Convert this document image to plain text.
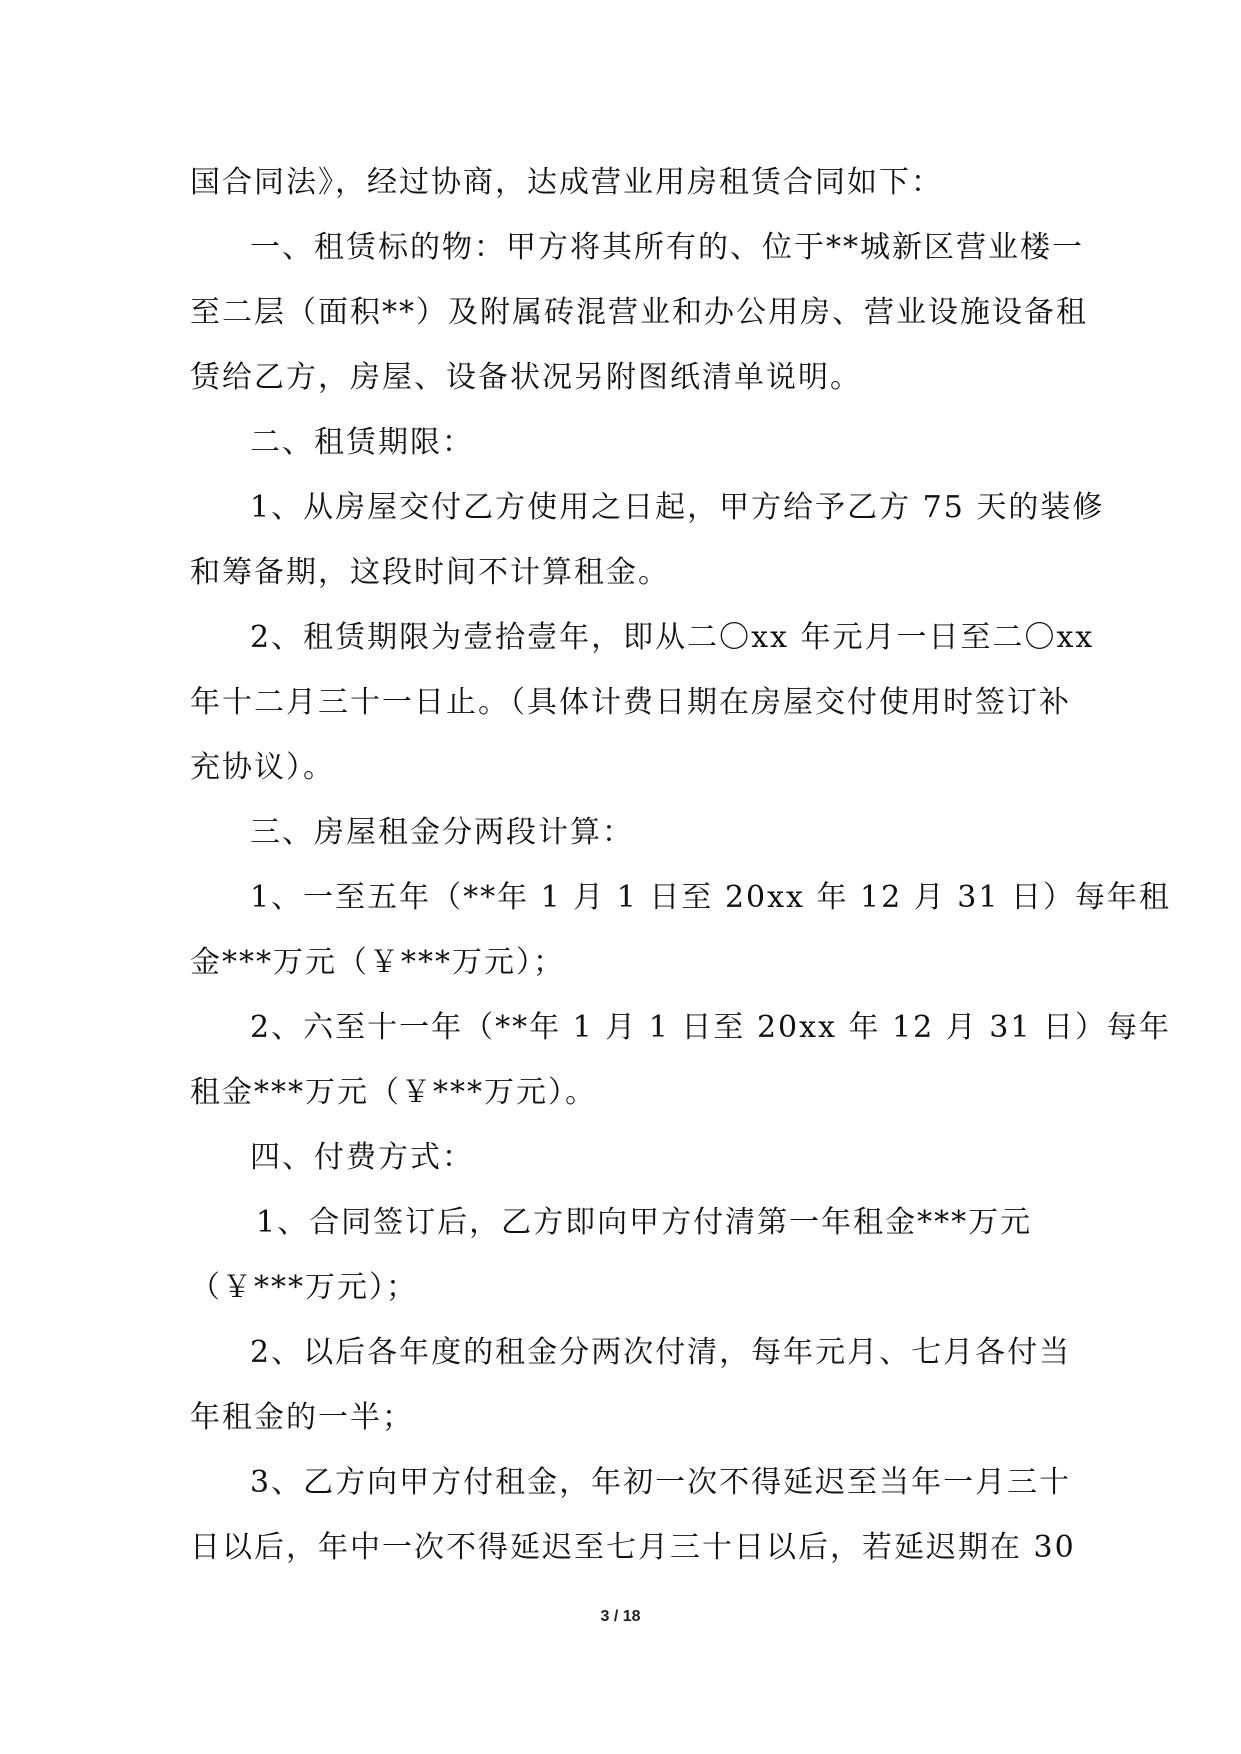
国合同法》，经过协商，达成营业用房租赁合同如下：
一、租赁标的物：甲方将其所有的、位于**城新区营业楼一
至二层（面积**）及附属砖混营业和办公用房、营业设施设备租
赁给乙方，房屋、设备状况另附图纸清单说明。
二、租赁期限：
1、从房屋交付乙方使用之日起，甲方给予乙方 75 天的装修
和筹备期，这段时间不计算租金。
2、租赁期限为壹拾壹年，即从二〇xx 年元月一日至二〇xx
年十二月三十一日止。（具体计费日期在房屋交付使用时签订补
充协议）。
三、房屋租金分两段计算：
1、一至五年（**年 1 月 1 日至 20xx 年 12 月 31 日）每年租
金***万元（￥***万元）；
2、六至十一年（**年 1 月 1 日至 20xx 年 12 月 31 日）每年
租金***万元（￥***万元）。
四、付费方式：
1、合同签订后，乙方即向甲方付清第一年租金***万元
（￥***万元）；
2、以后各年度的租金分两次付清，每年元月、七月各付当
年租金的一半；
3、乙方向甲方付租金，年初一次不得延迟至当年一月三十
日以后，年中一次不得延迟至七月三十日以后，若延迟期在 30
3 / 18
